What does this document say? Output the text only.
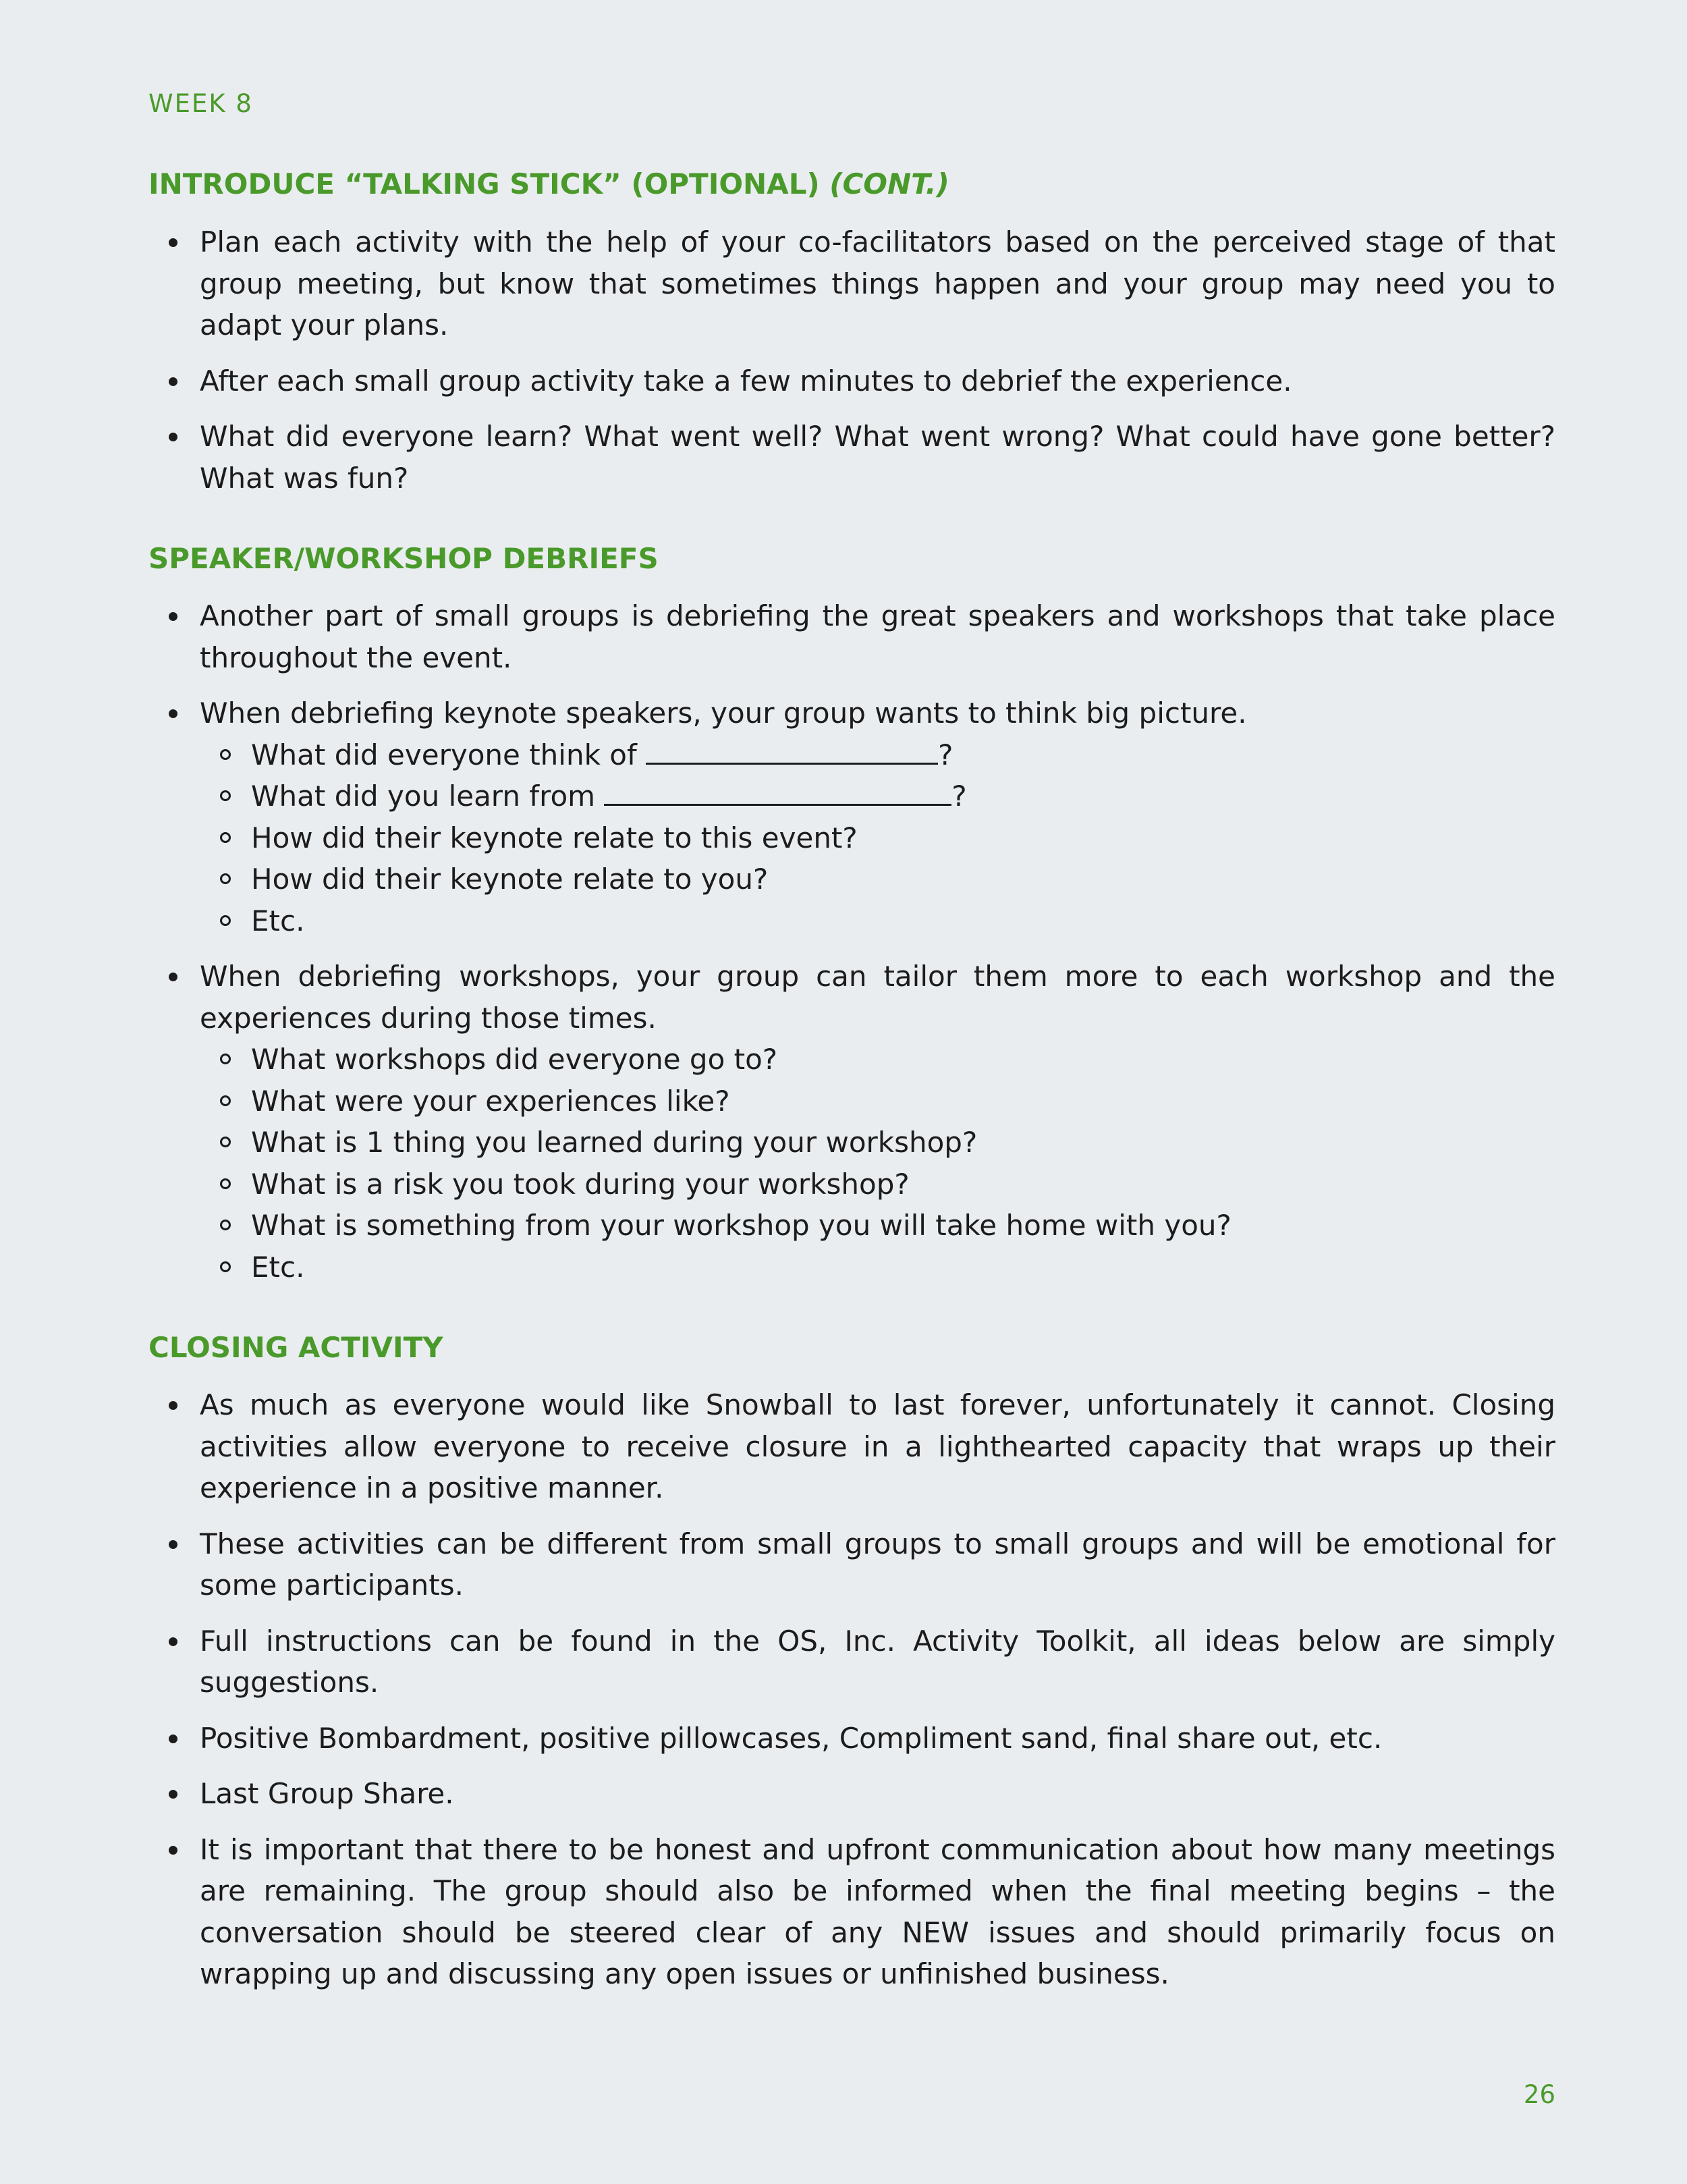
WEEK 8
INTRODUCE “TALKING STICK” (OPTIONAL) (CONT.)
Plan each activity with the help of your co-facilitators based on the perceived stage of that group meeting, but know that sometimes things happen and your group may need you to adapt your plans.
After each small group activity take a few minutes to debrief the experience.
What did everyone learn? What went well? What went wrong? What could have gone better? What was fun?
SPEAKER/WORKSHOP DEBRIEFS
Another part of small groups is debriefing the great speakers and workshops that take place throughout the event.
When debriefing keynote speakers, your group wants to think big picture.
What did everyone think of	?
What did you learn from	?
How did their keynote relate to this event?
How did their keynote relate to you?
Etc.
When debriefing workshops, your group can tailor them more to each workshop and the experiences during those times.
What workshops did everyone go to?
What were your experiences like?
What is 1 thing you learned during your workshop?
What is a risk you took during your workshop?
What is something from your workshop you will take home with you?
Etc.
CLOSING ACTIVITY
As much as everyone would like Snowball to last forever, unfortunately it cannot. Closing activities allow everyone to receive closure in a lighthearted capacity that wraps up their experience in a positive manner.
These activities can be different from small groups to small groups and will be emotional for some participants.
Full instructions can be found in the OS, Inc. Activity Toolkit, all ideas below are simply suggestions.
Positive Bombardment, positive pillowcases, Compliment sand, final share out, etc.
Last Group Share.
It is important that there to be honest and upfront communication about how many meetings are remaining. The group should also be informed when the final meeting begins – the conversation should be steered clear of any NEW issues and should primarily focus on wrapping up and discussing any open issues or unfinished business.
26
